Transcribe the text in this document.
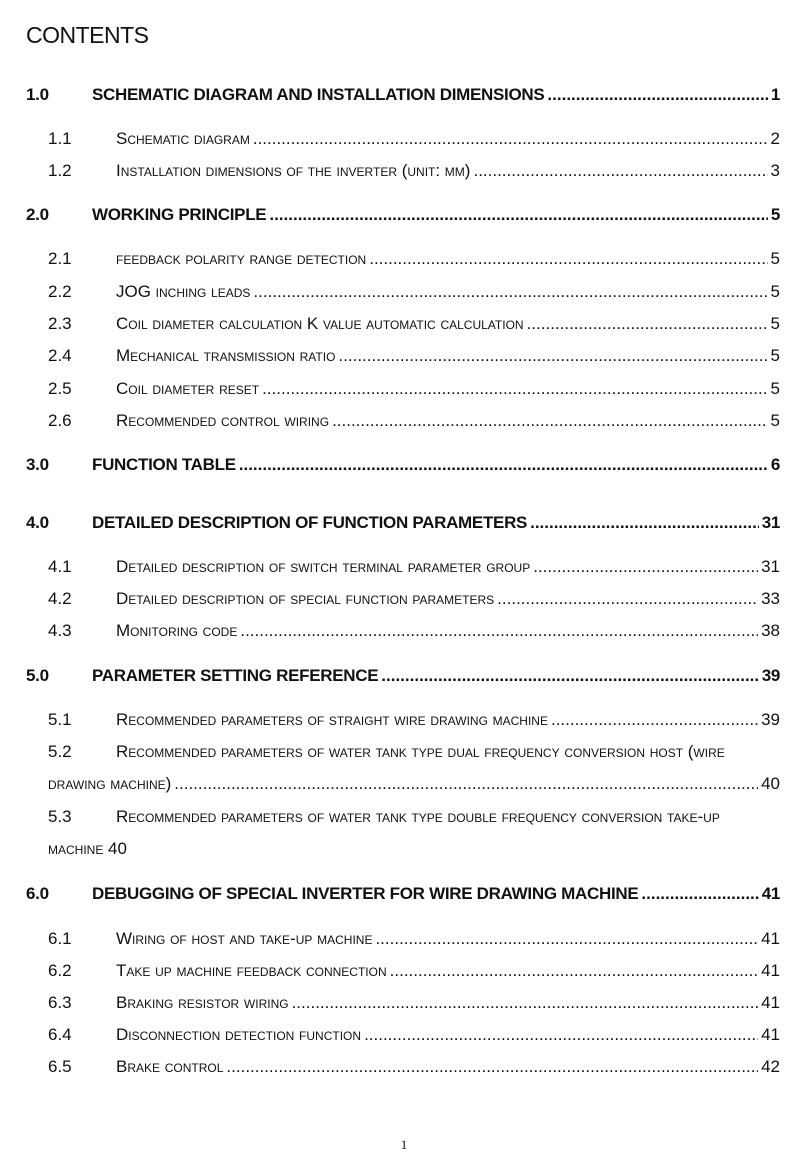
CONTENTS
1.0	SCHEMATIC DIAGRAM AND INSTALLATION DIMENSIONS .....	1
1.1	Schematic diagram .....	2
1.2	Installation dimensions of the inverter (unit: mm) .....	3
2.0	WORKING PRINCIPLE .....	5
2.1	feedback polarity range detection .....	5
2.2	JOG inching leads .....	5
2.3	Coil diameter calculation K value automatic calculation .....	5
2.4	Mechanical transmission ratio .....	5
2.5	Coil diameter reset .....	5
2.6	Recommended control wiring .....	5
3.0	FUNCTION TABLE .....	6
4.0	DETAILED DESCRIPTION OF FUNCTION PARAMETERS .....	31
4.1	Detailed description of switch terminal parameter group .....	31
4.2	Detailed description of special function parameters .....	33
4.3	Monitoring code .....	38
5.0	PARAMETER SETTING REFERENCE .....	39
5.1	Recommended parameters of straight wire drawing machine .....	39
5.2	Recommended parameters of water tank type dual frequency conversion host (wire
drawing machine) .....	40
5.3	Recommended parameters of water tank type double frequency conversion take-up
machine 40
6.0	DEBUGGING OF SPECIAL INVERTER FOR WIRE DRAWING MACHINE .....	41
6.1	Wiring of host and take-up machine .....	41
6.2	Take up machine feedback connection .....	41
6.3	Braking resistor wiring .....	41
6.4	Disconnection detection function .....	41
6.5	Brake control .....	42
1
